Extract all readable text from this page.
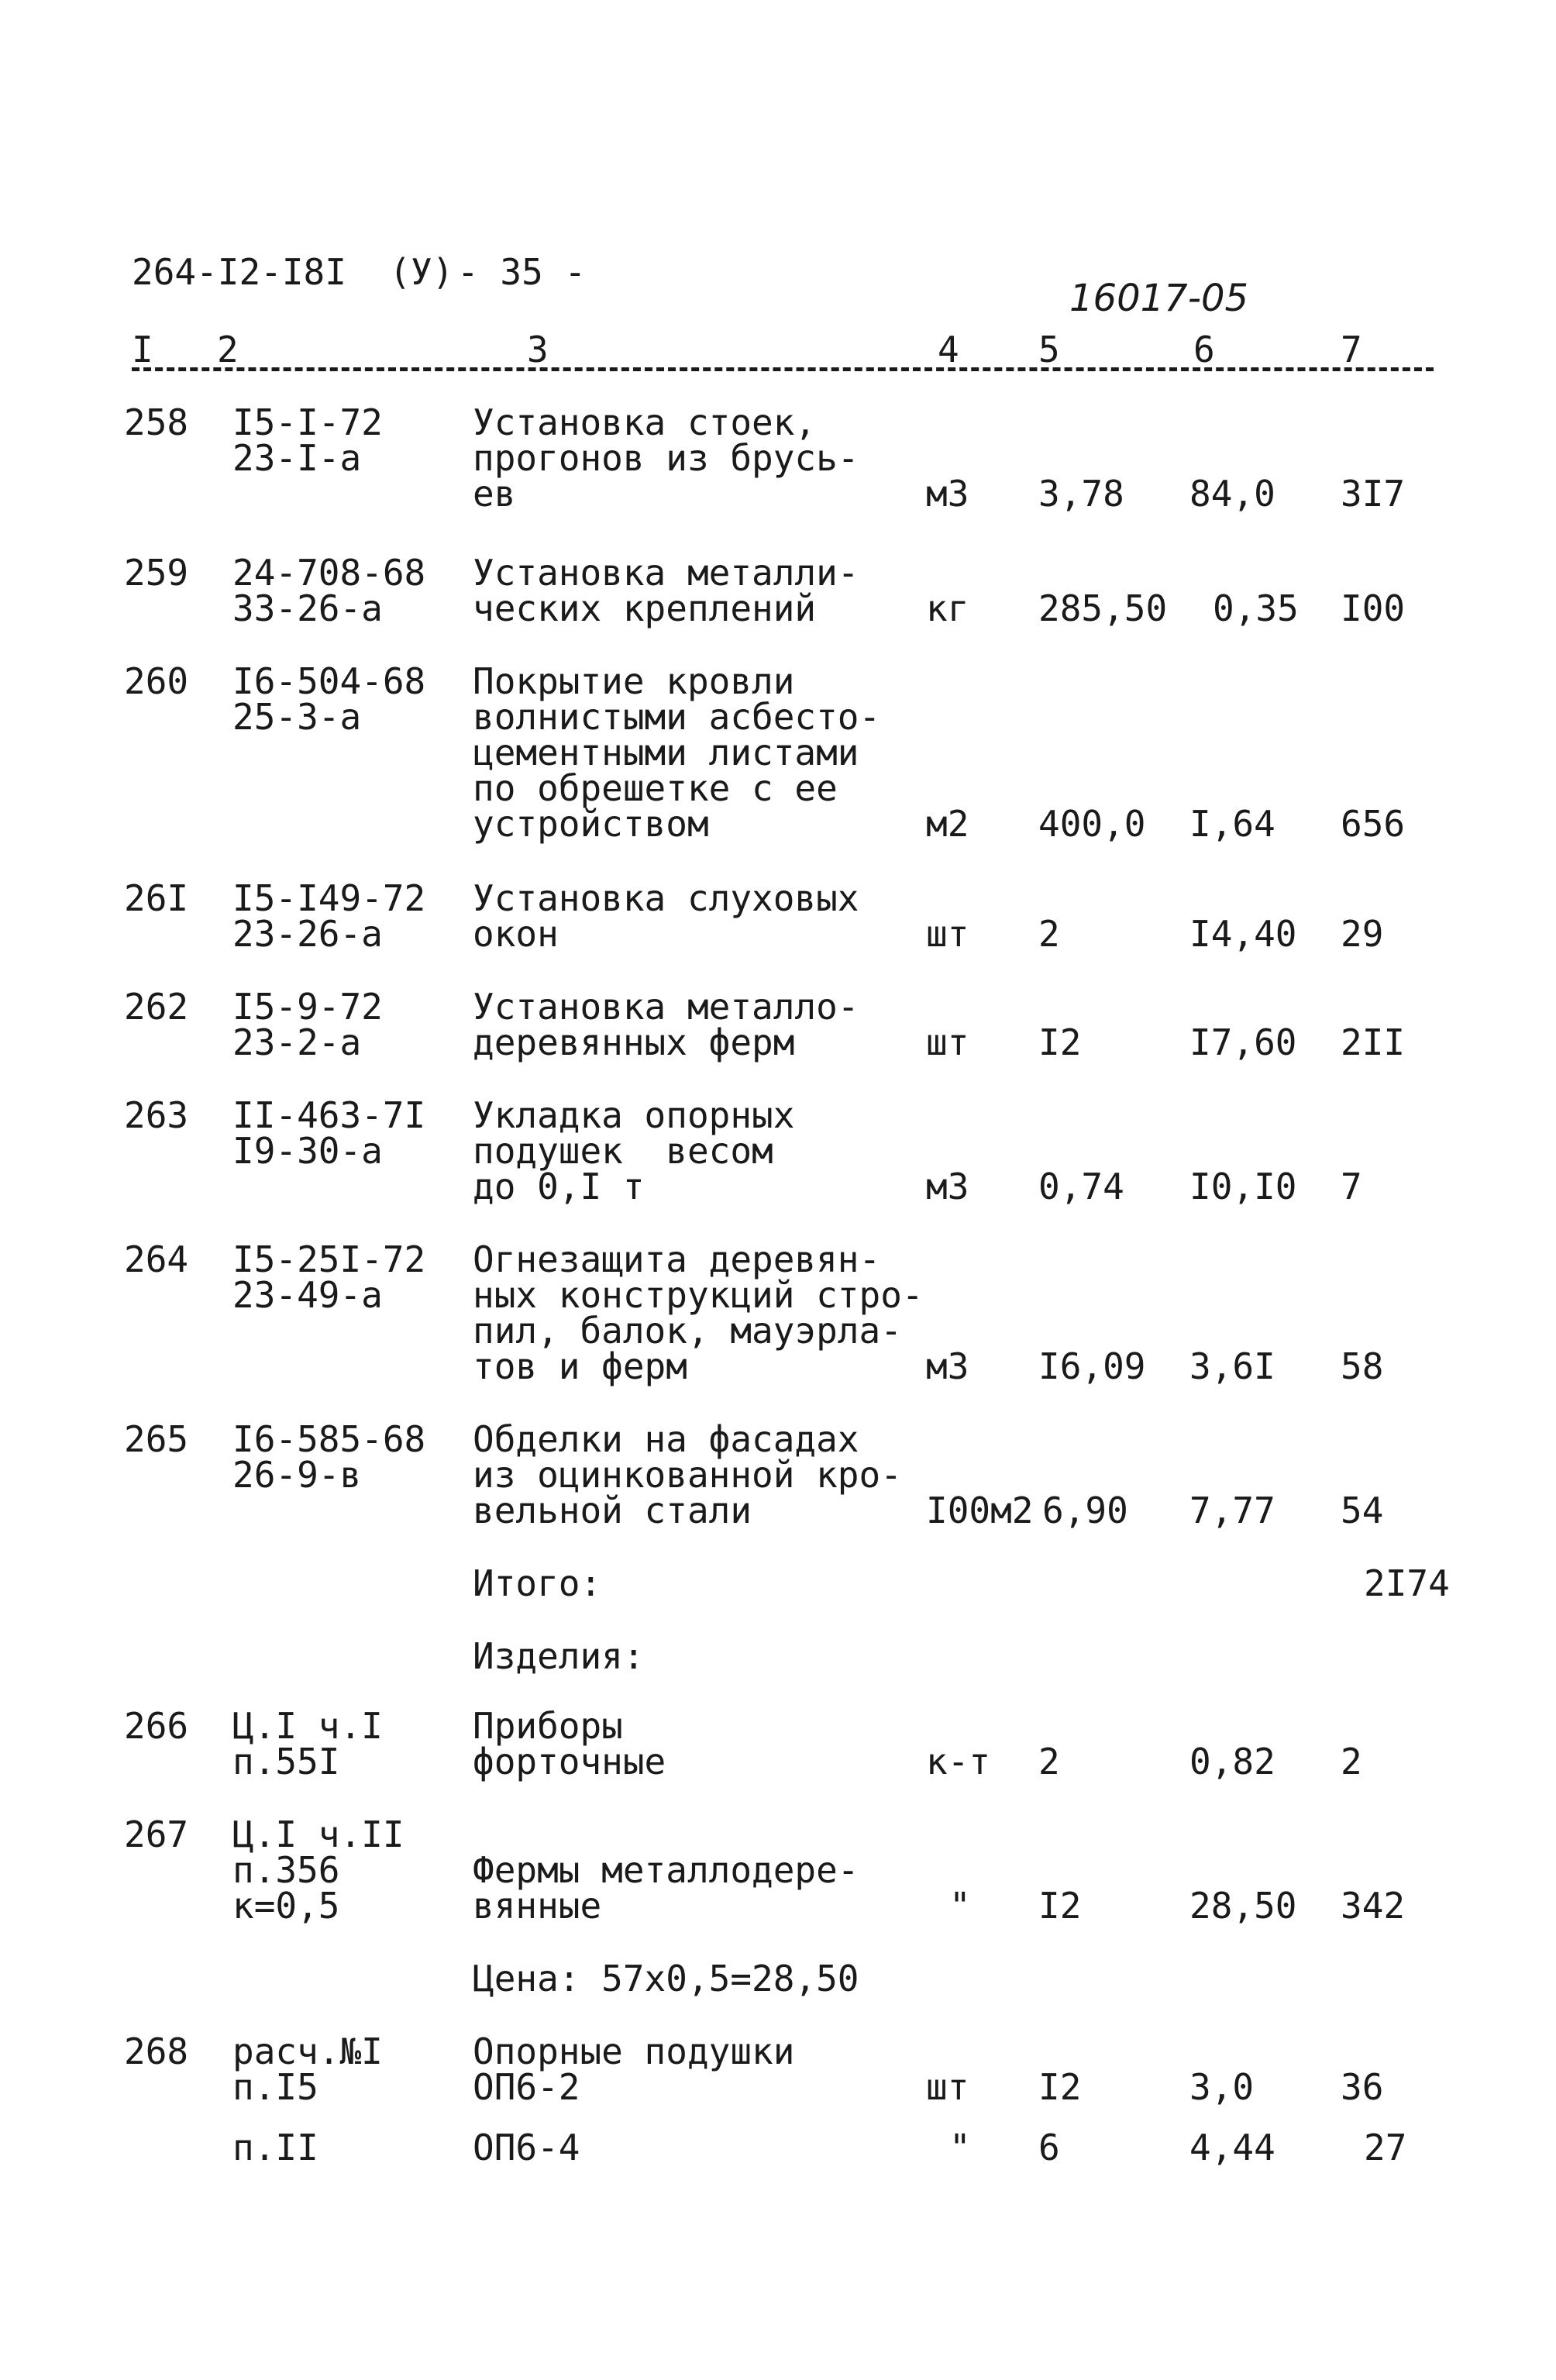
264-I2-I8I  (У) - 35 -
16017-05
I 2	3	4 5	6	7
258 I5-I-72
23-I-а
Установка стоек,
прогонов из брусь-
ев	м3 3,78 84,0 3I7
259 24-708-68
33-26-а
Установка металли-
ческих креплений	кг 285,50 0,35 I00
260 I6-504-68
25-3-а
Покрытие кровли
волнистыми асбесто-
цементными листами
по обрешетке с ее
устройством	м2 400,0 I,64 656
26I I5-I49-72
23-26-а
Установка слуховых
окон	шт 2	I4,40 29
262 I5-9-72
23-2-а
Установка металло-
деревянных ферм	шт I2	I7,60 2II
263 II-463-7I
I9-30-а
Укладка опорных
подушек  весом
до 0,I т	м3 0,74 I0,I0 7
264 I5-25I-72
23-49-а
Огнезащита деревян-
ных конструкций стро-
пил, балок, мауэрла-
тов и ферм	м3 I6,09 3,6I 58
265 I6-585-68
26-9-в
Обделки на фасадах
из оцинкованной кро-
вельной стали	I00м2 6,90 7,77 54
Итого:	2I74
Изделия:
266 Ц.I ч.I
п.55I
Приборы
форточные	к-т 2	0,82 2
267 Ц.I ч.II
п.356
к=0,5

Фермы металлодере-
вянные	" I2	28,50 342
Цена: 57х0,5=28,50
268 расч.№I
п.I5
Опорные подушки
ОП6-2	шт I2	3,0 36
п.II	ОП6-4	" 6	4,44 27
